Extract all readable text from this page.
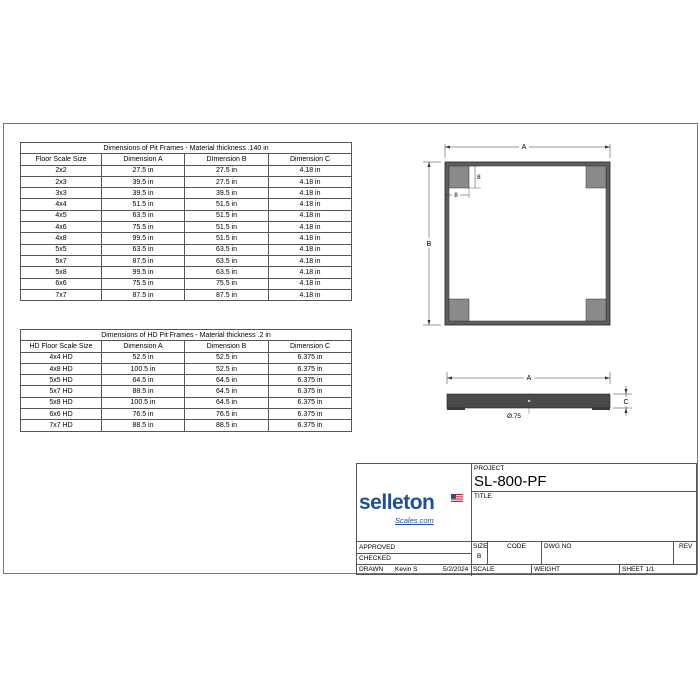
Dimensions of Pit Frames - Material thickness .140 in			
Floor Scale Size	Dimension A	DImension B	Dimension C
2x2	27.5 in	27.5 in	4.18 in
2x3	39.5 in	27.5 in	4.18 in
3x3	39.5 in	39.5 in	4.18 in
4x4	51.5 in	51.5 in	4.18 in
4x5	63.5 in	51.5 in	4.18 in
4x6	75.5 in	51.5 in	4.18 in
4x8	99.5 in	51.5 in	4.18 in
5x5	63.5 in	63.5 in	4.18 in
5x7	87.5 in	63.5 in	4.18 in
5x8	99.5 in	63.5 in	4.18 in
6x6	75.5 in	75.5 in	4.18 in
7x7	87.5 in	87.5 in	4.18 in
Dimensions of HD Pit Frames - Material thickness .2 in			
HD Floor Scale Size	Dimension A	Dimension B	Dimension C
4x4 HD	52.5 in	52.5 in	6.375 in
4x8 HD	100.5 in	52.5 in	6.375 in
5x5 HD	64.5 in	64.5 in	6.375 in
5x7 HD	88.5 in	64.5 in	6.375 in
5x8 HD	100.5 in	64.5 in	6.375 in
6x6 HD	76.5 in	76.5 in	6.375 in
7x7 HD	88.5 in	88.5 in	6.375 in
A
B
8
8
A
Ø.75
C
selleton
Scales.com
PROJECT
SL-800-PF
TITLE
APPROVED
CHECKED
DRAWN Kevin S	5/2/2024
SIZE
B
CODE	DWG NO	REV
SCALE	WEIGHT	SHEET 1/1
